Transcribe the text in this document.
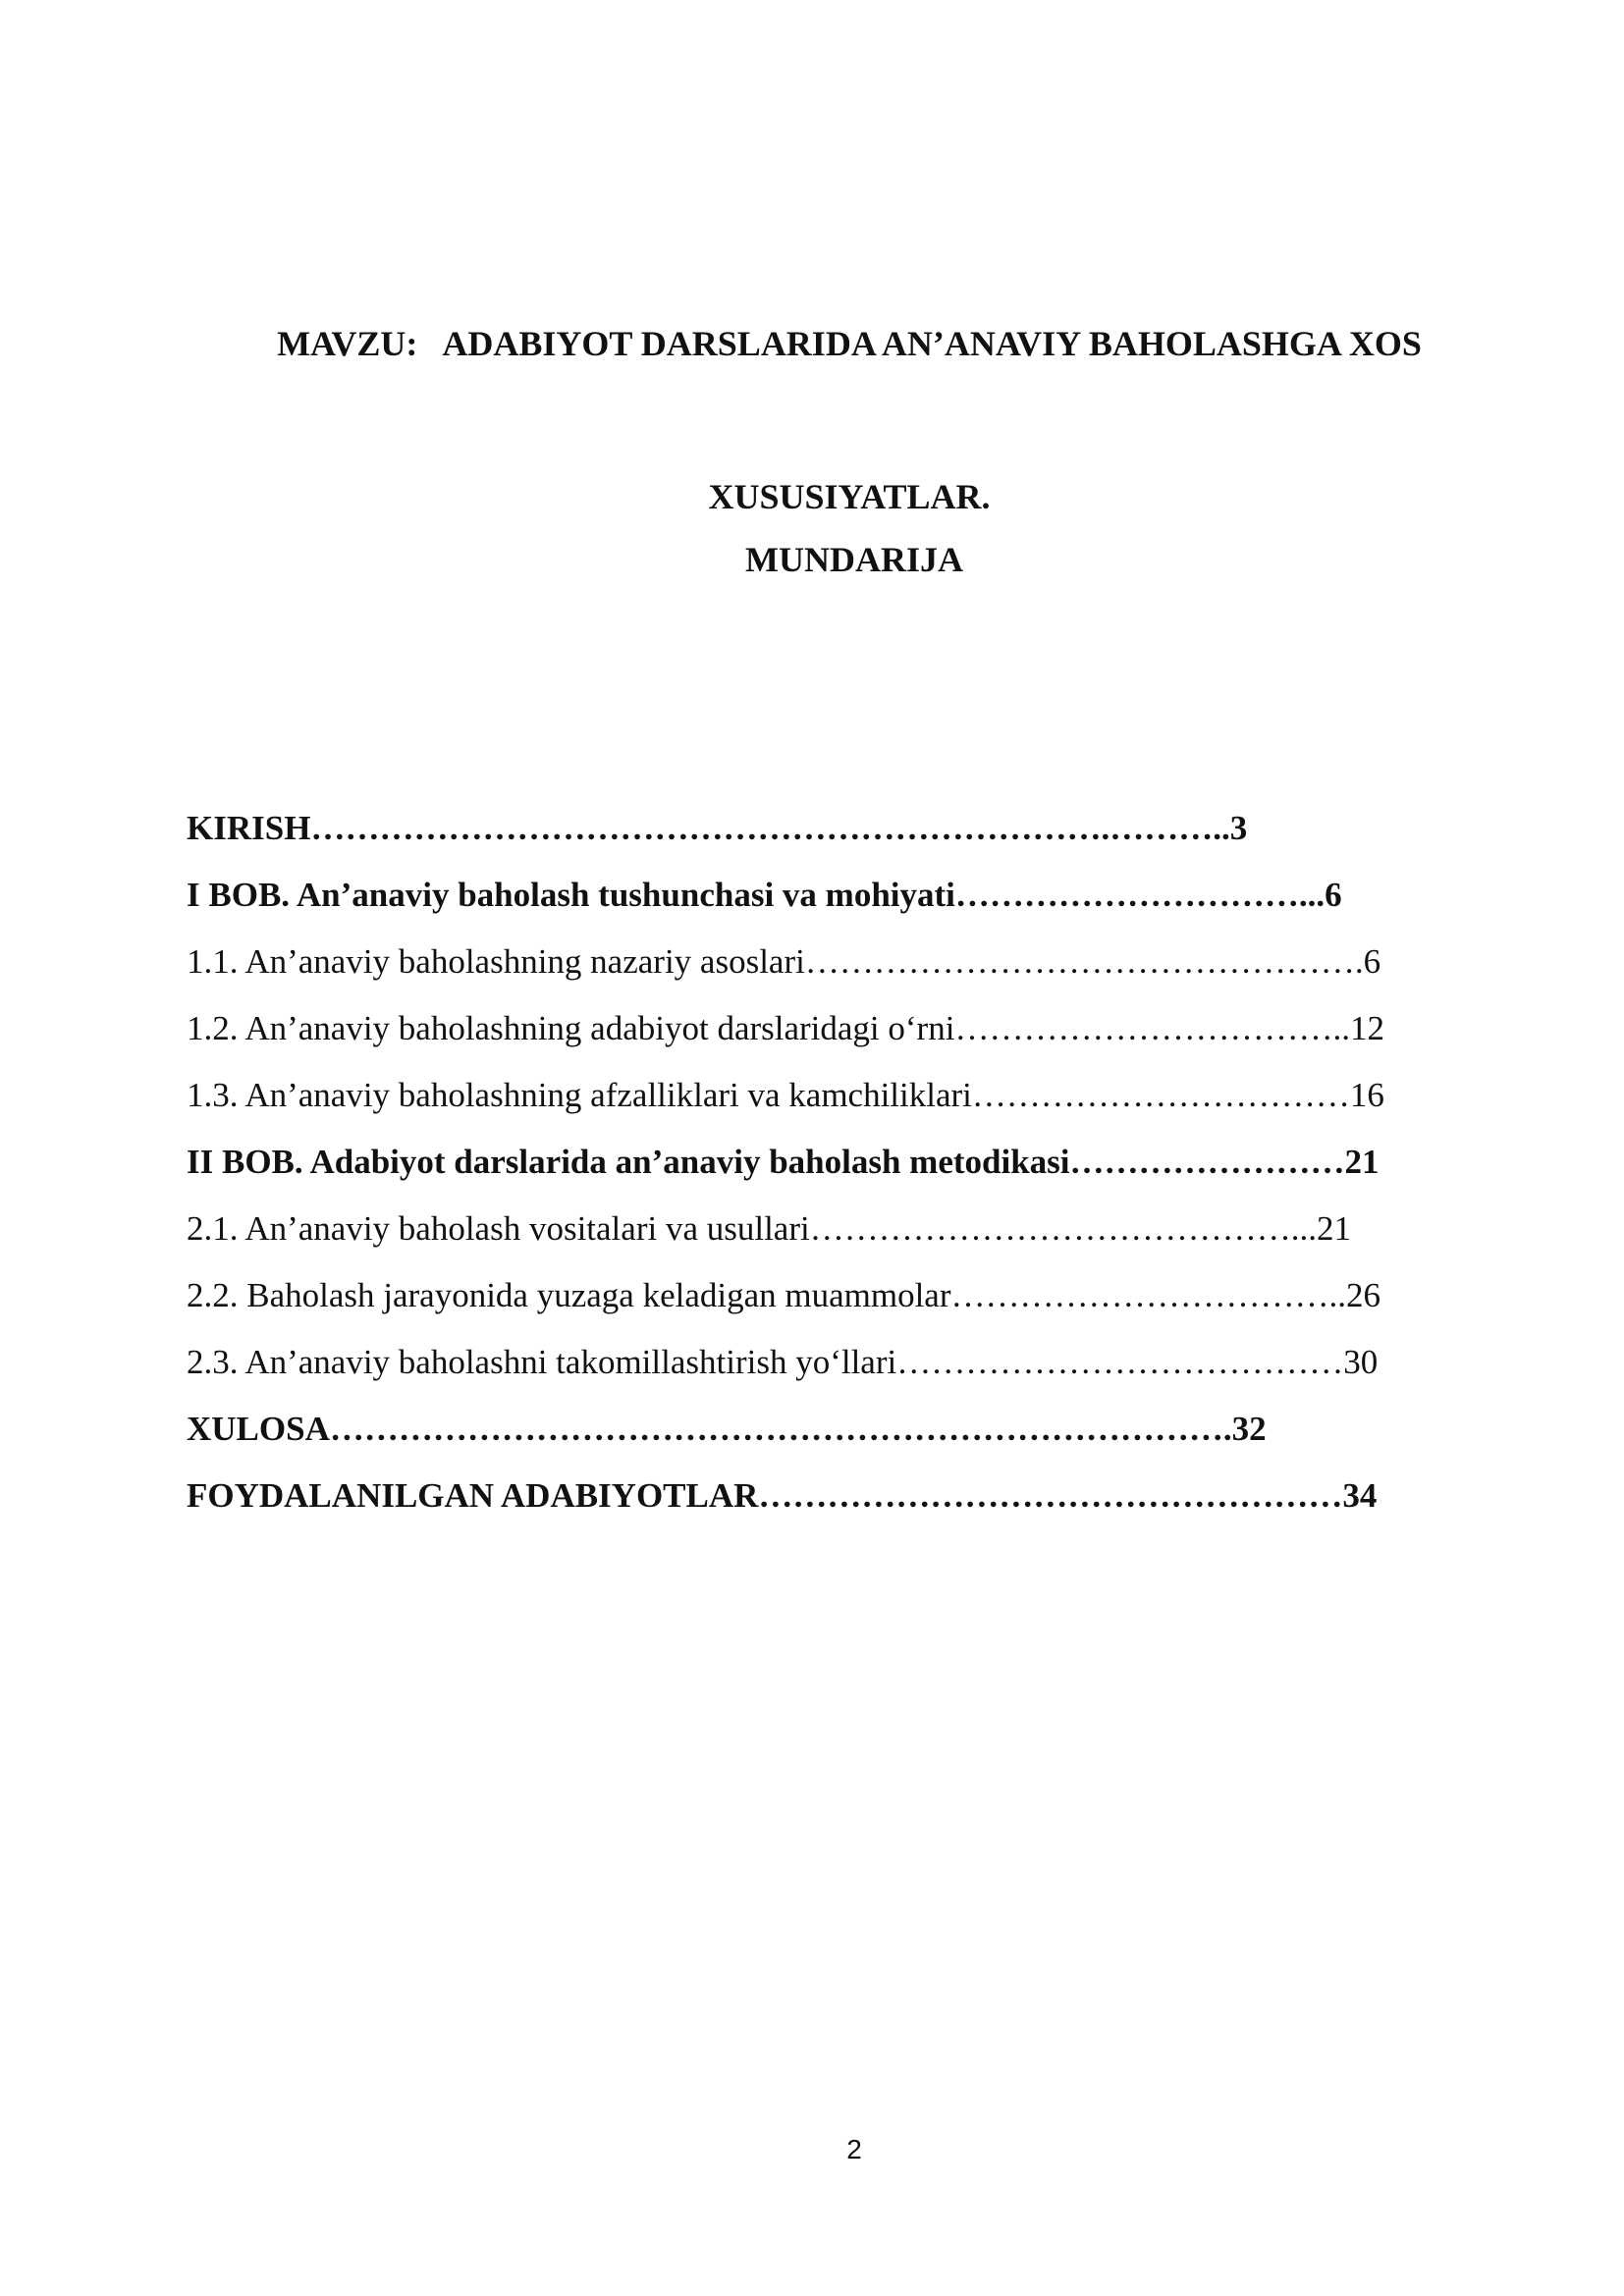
MAVZU:   ADABIYOT DARSLARIDA AN’ANAVIY BAHOLASHGA XOS

XUSUSIYATLAR.

MUNDARIJA
KIRISH…………………………………………………………….………..3
I BOB. An’anaviy baholash tushunchasi va mohiyati…………………………...6
1.1. An’anaviy baholashning nazariy asoslari………………………………………….6
1.2. An’anaviy baholashning adabiyot darslaridagi o‘rni……………………………..12
1.3. An’anaviy baholashning afzalliklari va kamchiliklari……………………………16
II BOB. Adabiyot darslarida an’anaviy baholash metodikasi……………………21
2.1. An’anaviy baholash vositalari va usullari……………………………………...21
2.2. Baholash jarayonida yuzaga keladigan muammolar……………………………..26
2.3. An’anaviy baholashni takomillashtirish yo‘llari…………………………………30
XULOSA…………………………………………………………………….32
FOYDALANILGAN ADABIYOTLAR……………………………………………34
2
